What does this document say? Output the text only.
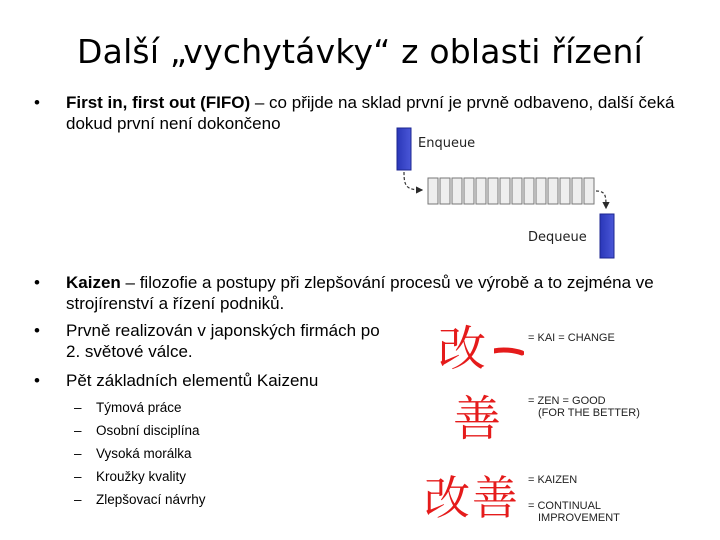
Další „vychytávky“ z oblasti řízení
•	First in, first out (FIFO) – co přijde na sklad první je prvně odbaveno, další čeká dokud první není dokončeno
•	Kaizen – filozofie a postupy při zlepšování procesů ve výrobě a to zejména ve strojírenství a řízení podniků.
•	Prvně realizován v japonských firmách po 2. světové válce.
•	Pět základních elementů Kaizenu
– Týmová práce
– Osobní disciplína
– Vysoká morálka
– Kroužky kvality
– Zlepšovací návrhy
Enqueue
Dequeue
改	= KAI = CHANGE
善 = ZEN = GOOD
(FOR THE BETTER)
改 善 = KAIZEN
= CONTINUAL
IMPROVEMENT
